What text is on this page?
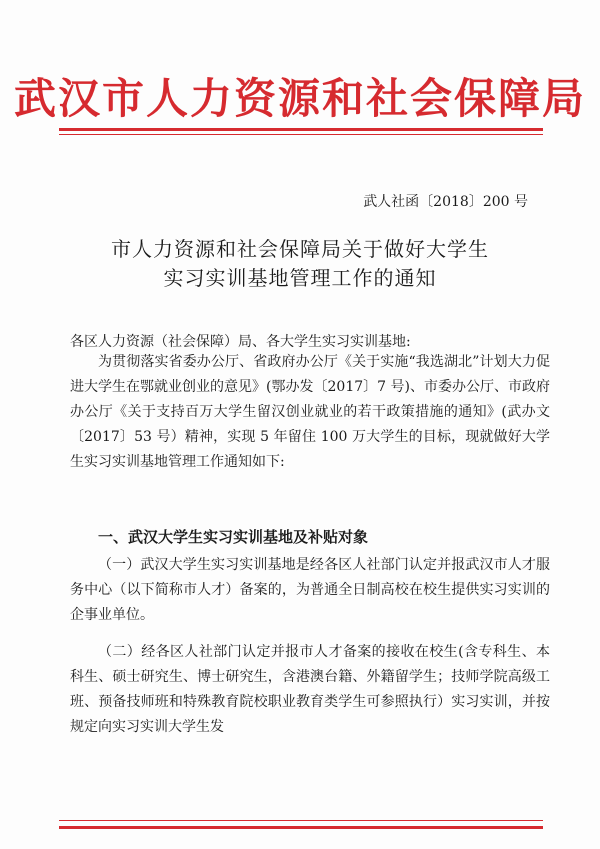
武汉市人力资源和社会保障局
武人社函〔2018〕200 号
市人力资源和社会保障局关于做好大学生
实习实训基地管理工作的通知
各区人力资源（社会保障）局、各大学生实习实训基地:
为贯彻落实省委办公厅、省政府办公厅《关于实施“我选湖北”计划大力促进大学生在鄂就业创业的意见》(鄂办发〔2017〕7 号)、市委办公厅、市政府办公厅《关于支持百万大学生留汉创业就业的若干政策措施的通知》(武办文〔2017〕53 号）精神，实现 5 年留住 100 万大学生的目标，现就做好大学生实习实训基地管理工作通知如下:
一、武汉大学生实习实训基地及补贴对象
（一）武汉大学生实习实训基地是经各区人社部门认定并报武汉市人才服务中心（以下简称市人才）备案的，为普通全日制高校在校生提供实习实训的企事业单位。
（二）经各区人社部门认定并报市人才备案的接收在校生(含专科生、本科生、硕士研究生、博士研究生，含港澳台籍、外籍留学生；技师学院高级工班、预备技师班和特殊教育院校职业教育类学生可参照执行）实习实训，并按规定向实习实训大学生发
